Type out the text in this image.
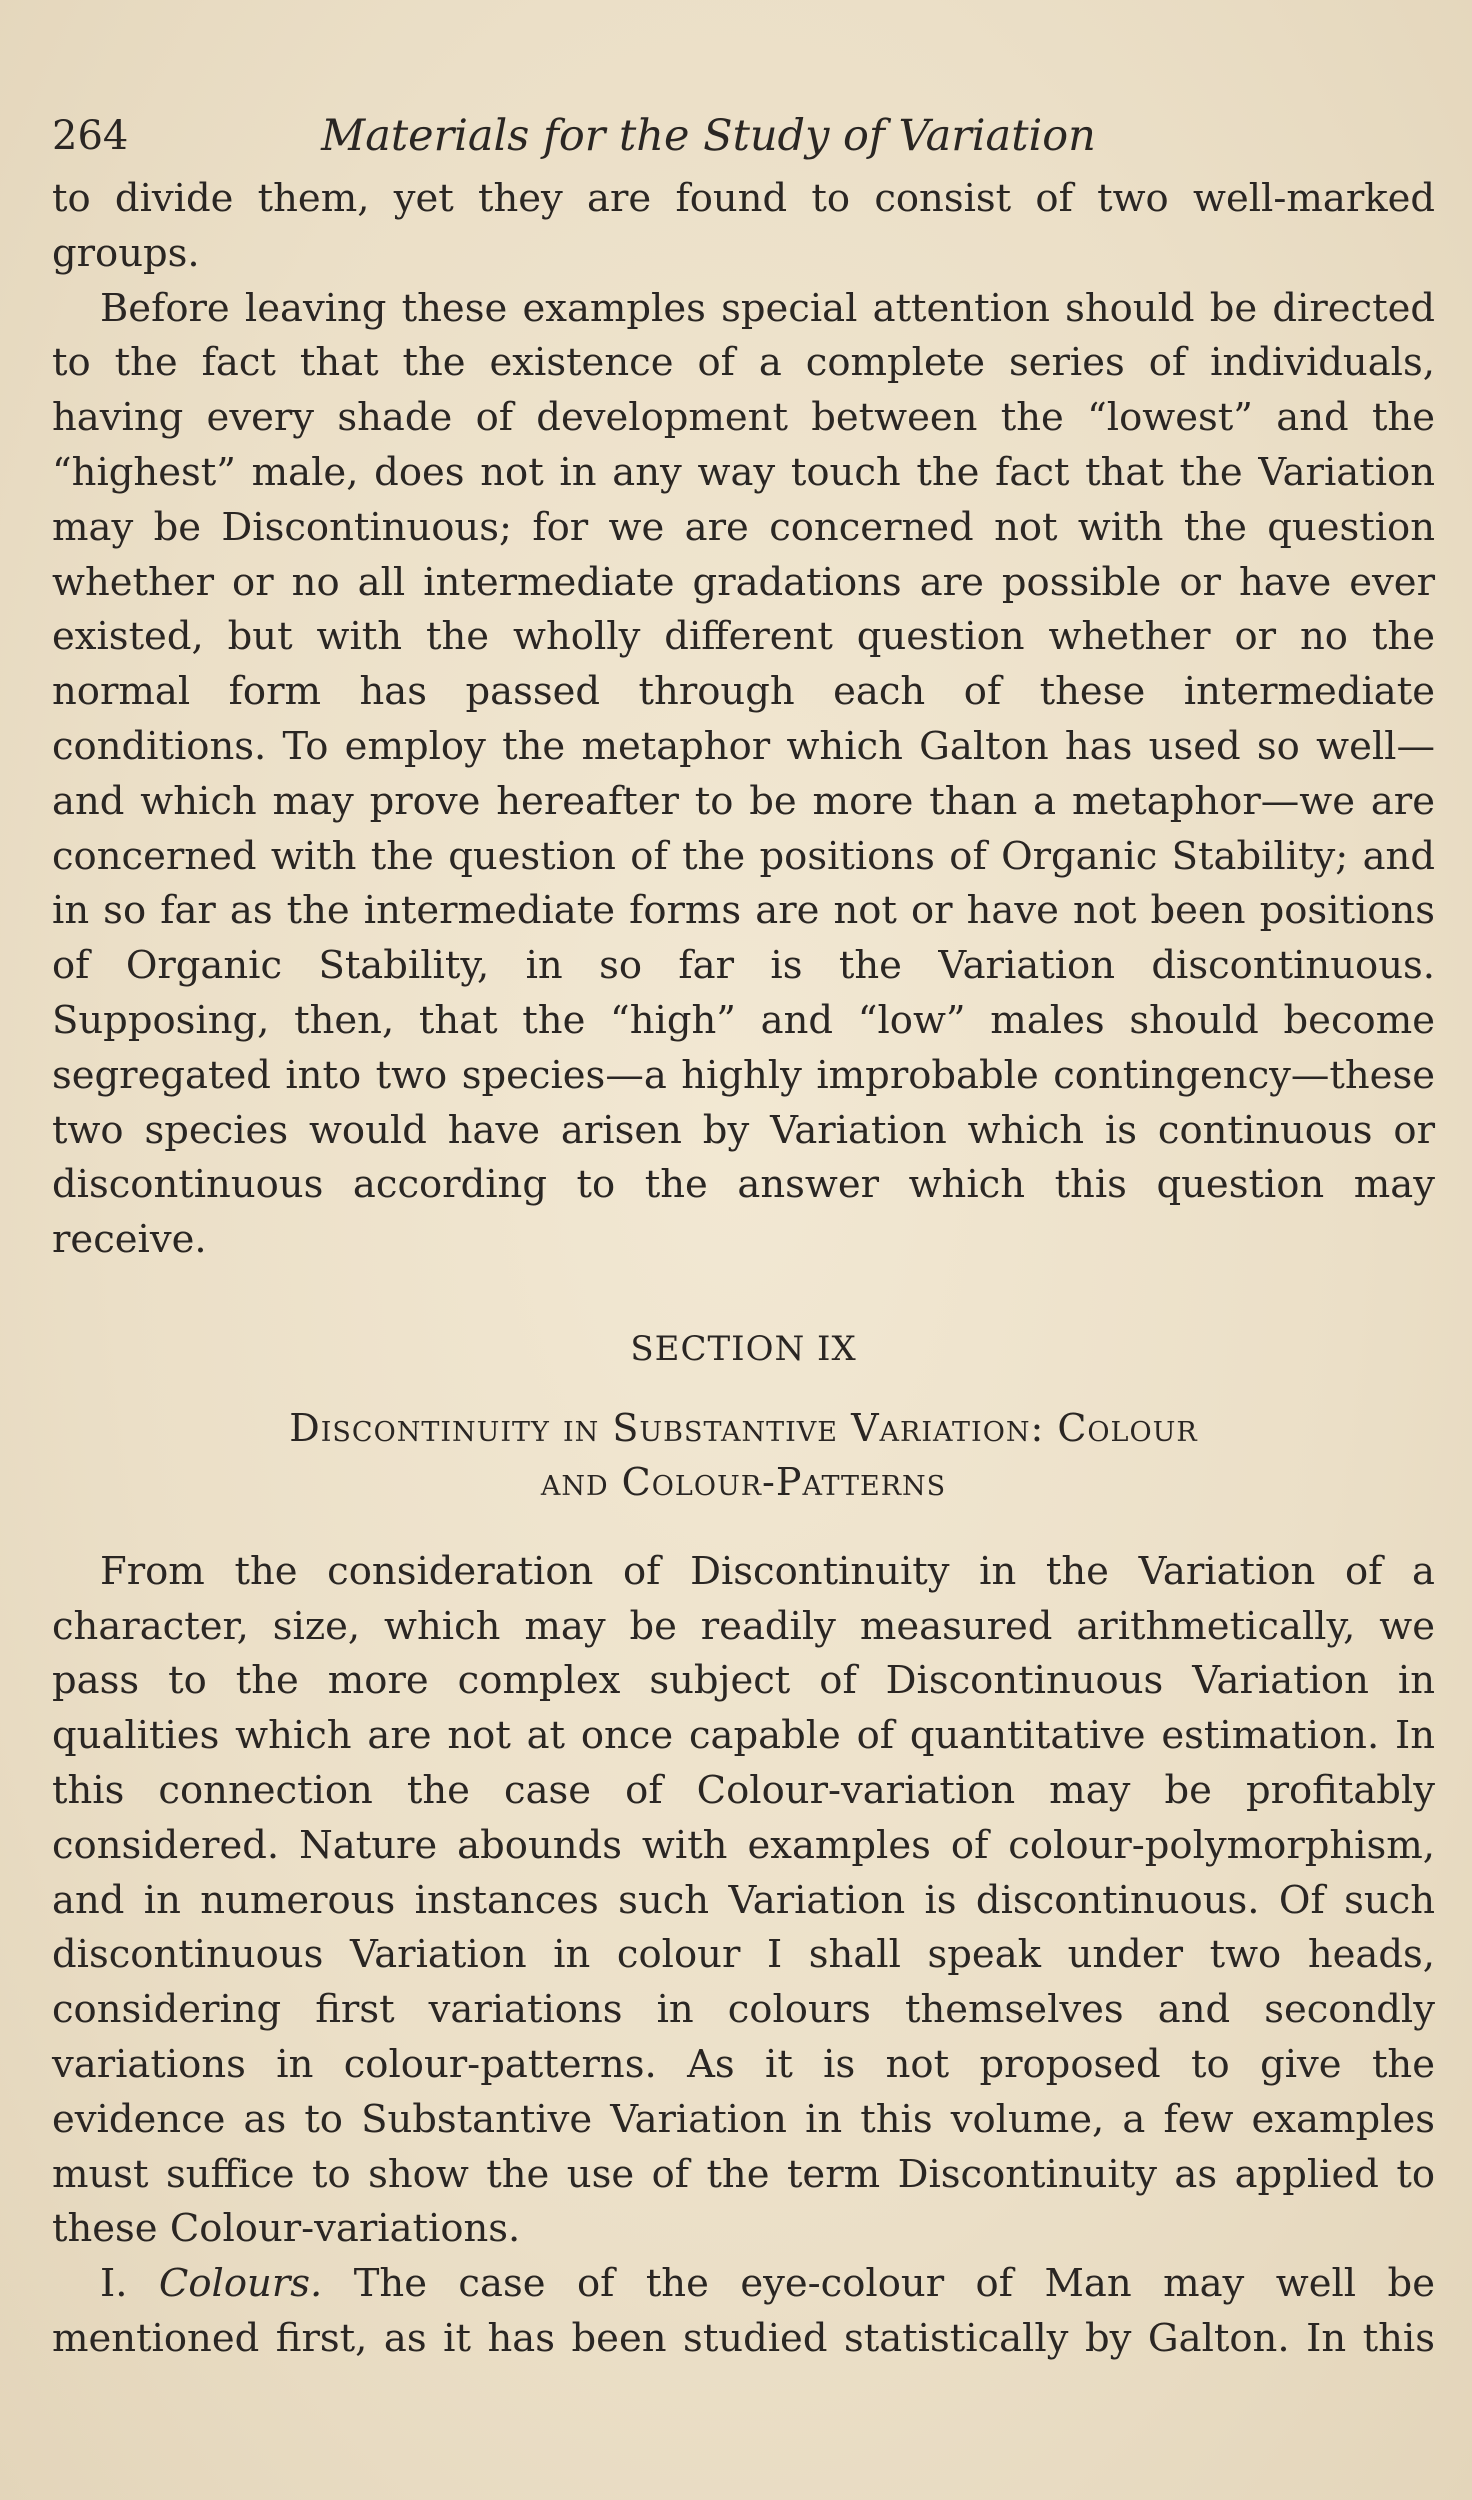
264	Materials for the Study of Variation

to divide them, yet they are found to consist of two well-marked groups.

Before leaving these examples special attention should be directed to the fact that the existence of a complete series of individuals, having every shade of development between the “lowest” and the “highest” male, does not in any way touch the fact that the Variation may be Discontinuous; for we are concerned not with the question whether or no all intermediate gradations are possible or have ever existed, but with the wholly different question whether or no the normal form has passed through each of these intermediate conditions. To employ the metaphor which Galton has used so well—and which may prove hereafter to be more than a metaphor—we are concerned with the question of the positions of Organic Stability; and in so far as the intermediate forms are not or have not been positions of Organic Stability, in so far is the Variation discontinuous. Supposing, then, that the “high” and “low” males should become segregated into two species—a highly improbable contingency—these two species would have arisen by Variation which is continuous or discontinuous according to the answer which this question may receive.

SECTION IX
Discontinuity in Substantive Variation: Colour
and Colour-Patterns

From the consideration of Discontinuity in the Variation of a character, size, which may be readily measured arithmetically, we pass to the more complex subject of Discontinuous Variation in qualities which are not at once capable of quantitative estimation. In this connection the case of Colour-variation may be profitably considered. Nature abounds with examples of colour-polymorphism, and in numerous instances such Variation is discontinuous. Of such discontinuous Variation in colour I shall speak under two heads, considering first variations in colours themselves and secondly variations in colour-patterns. As it is not proposed to give the evidence as to Substantive Variation in this volume, a few examples must suffice to show the use of the term Discontinuity as applied to these Colour-variations.

I. Colours. The case of the eye-colour of Man may well be mentioned first, as it has been studied statistically by Galton. In this
